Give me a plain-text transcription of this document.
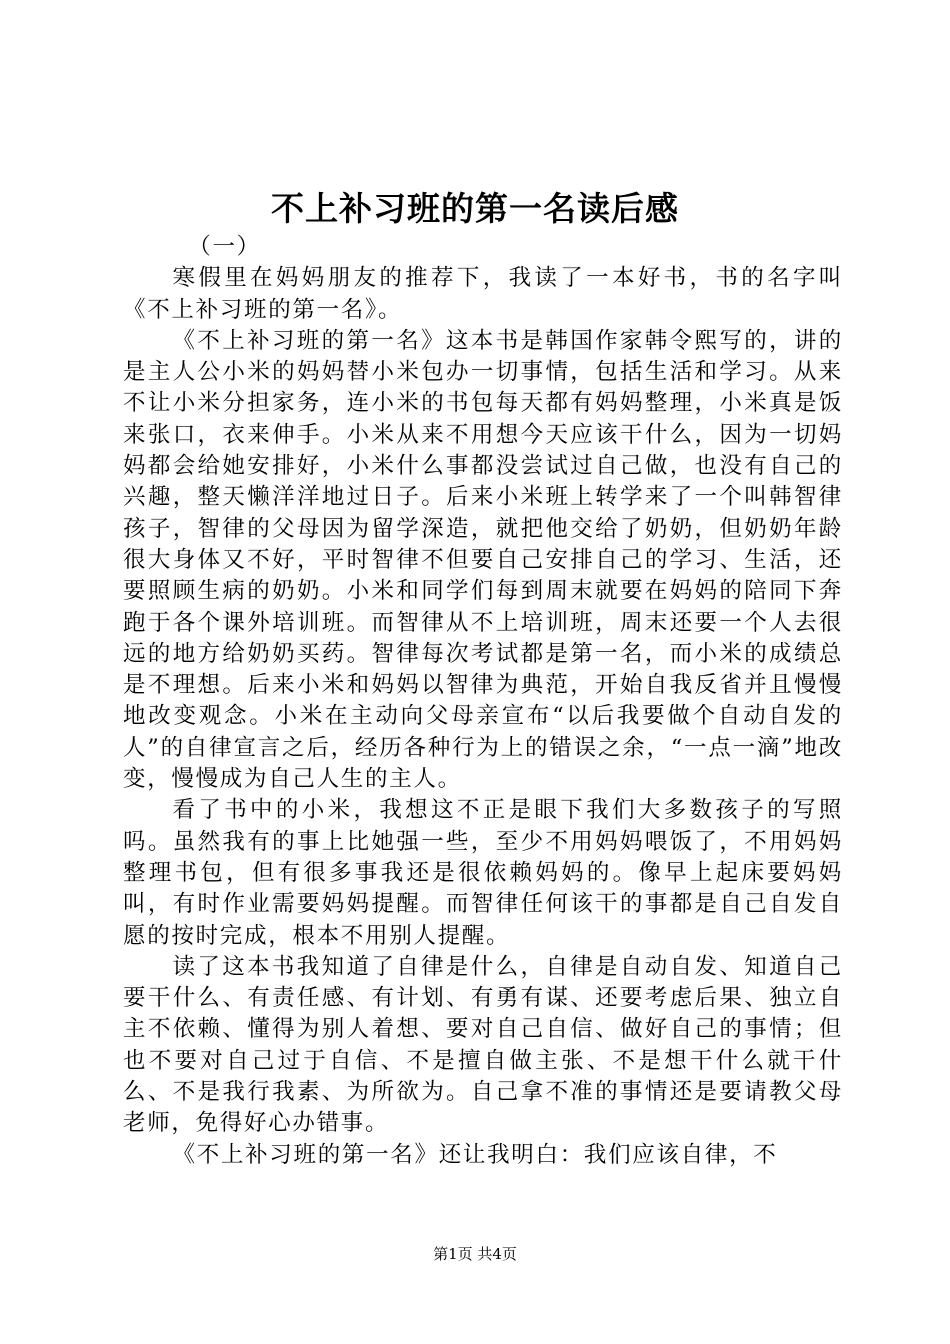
不上补习班的第一名读后感

（一）

寒假里在妈妈朋友的推荐下，我读了一本好书，书的名字叫《不上补习班的第一名》。

《不上补习班的第一名》这本书是韩国作家韩令熙写的，讲的是主人公小米的妈妈替小米包办一切事情，包括生活和学习。从来不让小米分担家务，连小米的书包每天都有妈妈整理，小米真是饭来张口，衣来伸手。小米从来不用想今天应该干什么，因为一切妈妈都会给她安排好，小米什么事都没尝试过自己做，也没有自己的兴趣，整天懒洋洋地过日子。后来小米班上转学来了一个叫韩智律孩子，智律的父母因为留学深造，就把他交给了奶奶，但奶奶年龄很大身体又不好，平时智律不但要自己安排自己的学习、生活，还要照顾生病的奶奶。小米和同学们每到周末就要在妈妈的陪同下奔跑于各个课外培训班。而智律从不上培训班，周末还要一个人去很远的地方给奶奶买药。智律每次考试都是第一名，而小米的成绩总是不理想。后来小米和妈妈以智律为典范，开始自我反省并且慢慢地改变观念。小米在主动向父母亲宣布“以后我要做个自动自发的人”的自律宣言之后，经历各种行为上的错误之余，“一点一滴”地改变，慢慢成为自己人生的主人。

看了书中的小米，我想这不正是眼下我们大多数孩子的写照吗。虽然我有的事上比她强一些，至少不用妈妈喂饭了，不用妈妈整理书包，但有很多事我还是很依赖妈妈的。像早上起床要妈妈叫，有时作业需要妈妈提醒。而智律任何该干的事都是自己自发自愿的按时完成，根本不用别人提醒。

读了这本书我知道了自律是什么，自律是自动自发、知道自己要干什么、有责任感、有计划、有勇有谋、还要考虑后果、独立自主不依赖、懂得为别人着想、要对自己自信、做好自己的事情；但也不要对自己过于自信、不是擅自做主张、不是想干什么就干什么、不是我行我素、为所欲为。自己拿不准的事情还是要请教父母老师，免得好心办错事。

《不上补习班的第一名》还让我明白：我们应该自律，不

第1页 共4页
